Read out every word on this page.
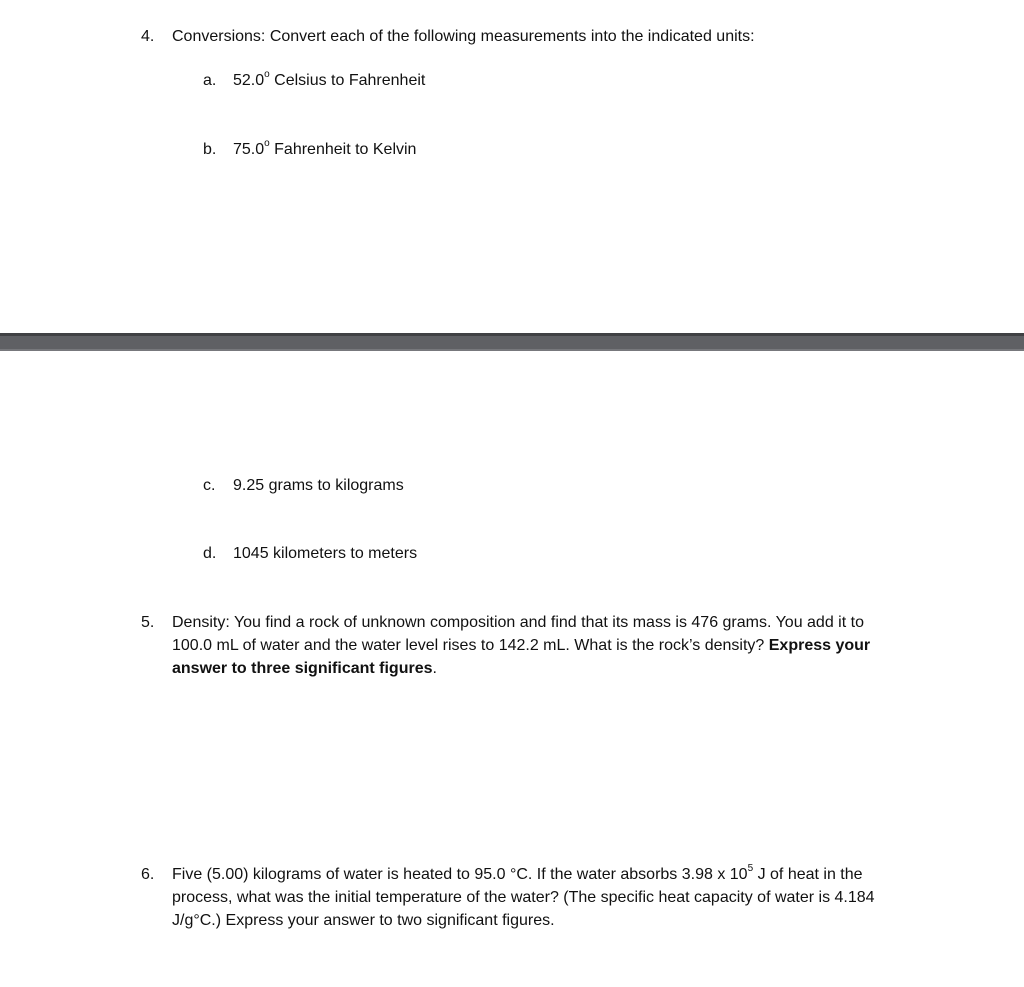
4. Conversions: Convert each of the following measurements into the indicated units:
a. 52.0$^o$ Celsius to Fahrenheit
b. 75.0$^o$ Fahrenheit to Kelvin
c. 9.25 grams to kilograms
d. 1045 kilometers to meters
5. Density: You find a rock of unknown composition and find that its mass is 476 grams. You add it to 100.0 mL of water and the water level rises to 142.2 mL. What is the rock’s density? Express your answer to three significant figures.
6. Five (5.00) kilograms of water is heated to 95.0 °C. If the water absorbs 3.98 x $10^5$ J of heat in the process, what was the initial temperature of the water? (The specific heat capacity of water is 4.184 J/g°C.) Express your answer to two significant figures.
